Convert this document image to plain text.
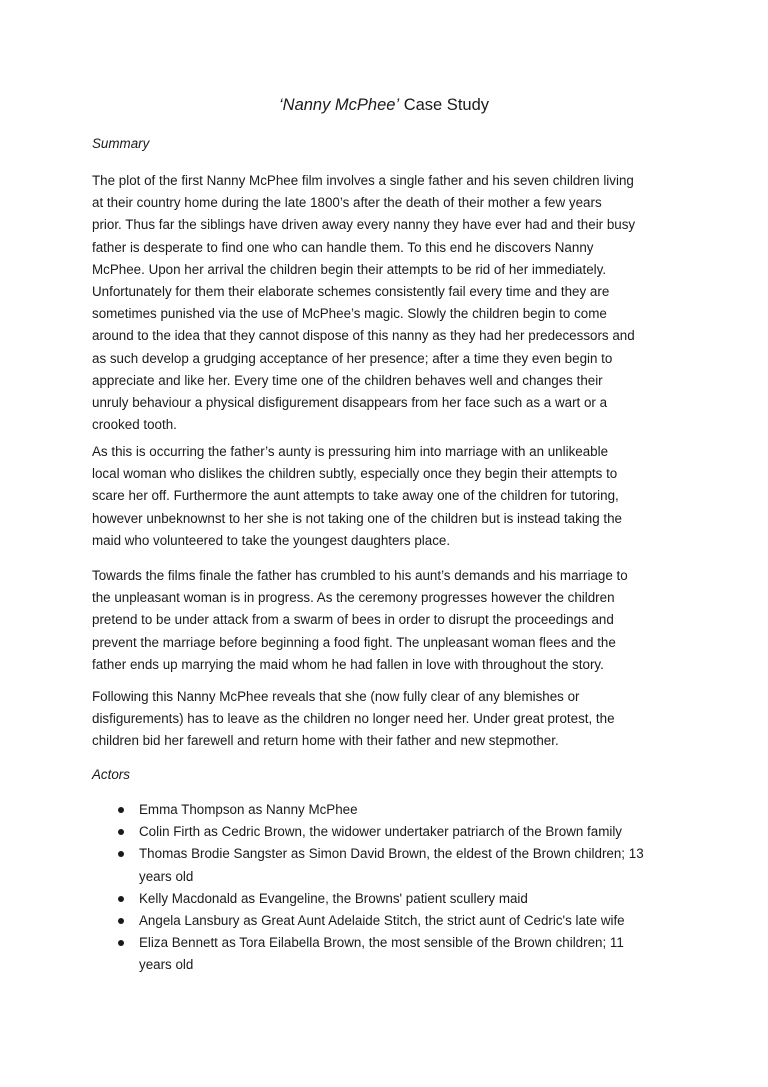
‘Nanny McPhee’ Case Study
Summary
The plot of the first Nanny McPhee film involves a single father and his seven children living
at their country home during the late 1800’s after the death of their mother a few years
prior. Thus far the siblings have driven away every nanny they have ever had and their busy
father is desperate to find one who can handle them. To this end he discovers Nanny
McPhee. Upon her arrival the children begin their attempts to be rid of her immediately.
Unfortunately for them their elaborate schemes consistently fail every time and they are
sometimes punished via the use of McPhee’s magic. Slowly the children begin to come
around to the idea that they cannot dispose of this nanny as they had her predecessors and
as such develop a grudging acceptance of her presence; after a time they even begin to
appreciate and like her. Every time one of the children behaves well and changes their
unruly behaviour a physical disfigurement disappears from her face such as a wart or a
crooked tooth.
As this is occurring the father’s aunty is pressuring him into marriage with an unlikeable
local woman who dislikes the children subtly, especially once they begin their attempts to
scare her off. Furthermore the aunt attempts to take away one of the children for tutoring,
however unbeknownst to her she is not taking one of the children but is instead taking the
maid who volunteered to take the youngest daughters place.
Towards the films finale the father has crumbled to his aunt’s demands and his marriage to
the unpleasant woman is in progress. As the ceremony progresses however the children
pretend to be under attack from a swarm of bees in order to disrupt the proceedings and
prevent the marriage before beginning a food fight. The unpleasant woman flees and the
father ends up marrying the maid whom he had fallen in love with throughout the story.
Following this Nanny McPhee reveals that she (now fully clear of any blemishes or
disfigurements) has to leave as the children no longer need her. Under great protest, the
children bid her farewell and return home with their father and new stepmother.
Actors
Emma Thompson as Nanny McPhee
Colin Firth as Cedric Brown, the widower undertaker patriarch of the Brown family
Thomas Brodie Sangster as Simon David Brown, the eldest of the Brown children; 13
years old
Kelly Macdonald as Evangeline, the Browns' patient scullery maid
Angela Lansbury as Great Aunt Adelaide Stitch, the strict aunt of Cedric's late wife
Eliza Bennett as Tora Eilabella Brown, the most sensible of the Brown children; 11
years old
